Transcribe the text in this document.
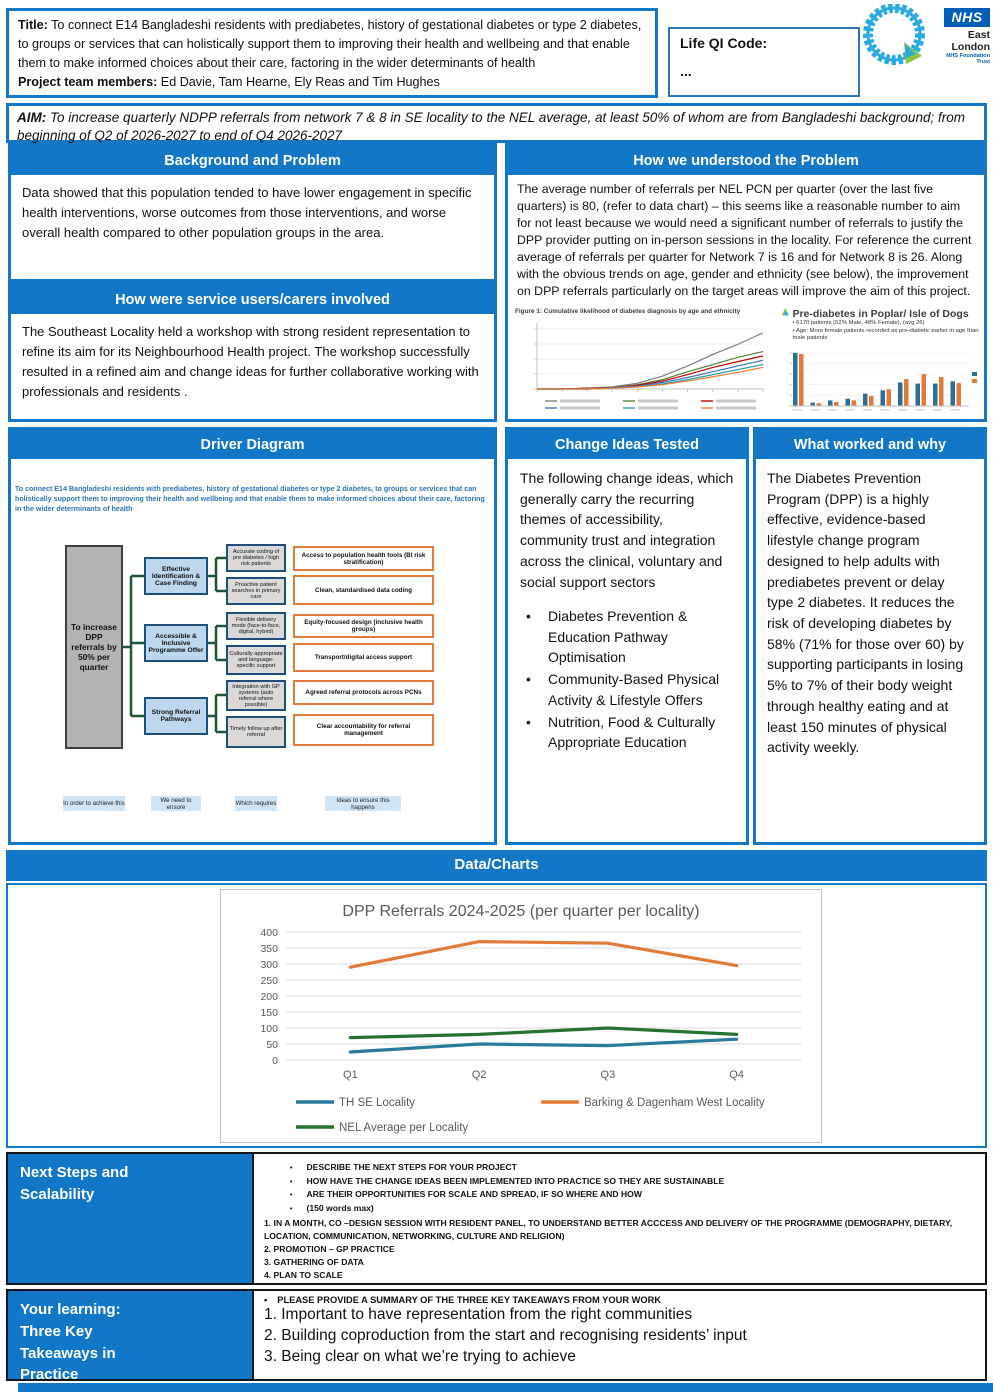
Title: To connect E14 Bangladeshi residents with prediabetes, history of gestational diabetes or type 2 diabetes, to groups or services that can holistically support them to improving their health and wellbeing and that enable them to make informed choices about their care, factoring in the wider determinants of health

Project team members: Ed Davie, Tam Hearne, Ely Reas and Tim Hughes

Life QI Code:
...
NHS
East London
NHS Foundation Trust
AIM: To increase quarterly NDPP referrals from network 7 & 8 in SE locality to the NEL average, at least 50% of whom are from Bangladeshi background; from beginning of Q2 of 2026-2027 to end of Q4 2026-2027
Background and Problem
Data showed that this population tended to have lower engagement in specific health interventions, worse outcomes from those interventions, and worse overall health compared to other population groups in the area.
How were service users/carers involved
The Southeast Locality held a workshop with strong resident representation to refine its aim for its Neighbourhood Health project. The workshop successfully resulted in a refined aim and change ideas for further collaborative working with professionals and residents .
How we understood the Problem
The average number of referrals per NEL PCN per quarter (over the last five quarters) is 80, (refer to data chart) – this seems like a reasonable number to aim for not least because we would need a significant number of referrals to justify the DPP provider putting on in-person sessions in the locality. For reference the current average of referrals per quarter for Network 7 is 16 and for Network 8 is 26. Along with the obvious trends on age, gender and ethnicity (see below), the improvement on DPP referrals particularly on the target areas will improve the aim of this project.
Figure 1: Cumulative likelihood of diabetes diagnosis by age and ethnicity	Pre-diabetes in Poplar/ Isle of Dogs
• 6170 patients (52% Male, 48% Female), (avg 26)
• Age: More female patients recorded as pre-diabetic earlier in age than male patients
Driver Diagram
To connect E14 Bangladeshi residents with prediabetes, history of gestational diabetes or type 2 diabetes, to groups or services that can holistically support them to improving their health and wellbeing and that enable them to make informed choices about their care, factoring in the wider determinants of health
To increase DPP referrals by 50% per quarter
Effective Identification & Case Finding
Accessible & Inclusive Programme Offer
Strong Referral Pathways
Accurate coding of pre diabetes / high risk patients
Proactive patient searches in primary care
Flexible delivery mode (face-to-face, digital, hybrid)
Culturally appropriate and language-specific support
Integration with GP systems (auto referral where possible)
Timely follow up after referral
Access to population health tools (BI risk stratification)
Clean, standardised data coding
Equity-focused design (inclusive health groups)
Transport/digital access support
Agreed referral protocols across PCNs
Clear accountability for referral management
In order to achieve this	We need to ensure	Which requires	Ideas to ensure this happens
Change Ideas Tested
The following change ideas, which generally carry the recurring themes of accessibility, community trust and integration across the clinical, voluntary and social support sectors
•	Diabetes Prevention & Education Pathway Optimisation
•	Community-Based Physical Activity & Lifestyle Offers
•	Nutrition, Food & Culturally Appropriate Education
What worked and why
The Diabetes Prevention Program (DPP) is a highly effective, evidence-based lifestyle change program designed to help adults with prediabetes prevent or delay type 2 diabetes. It reduces the risk of developing diabetes by 58% (71% for those over 60) by supporting participants in losing 5% to 7% of their body weight through healthy eating and at least 150 minutes of physical activity weekly.
Data/Charts
DPP Referrals 2024-2025 (per quarter per locality)
400
350
300
250
200
150
100
50
0
Q1	Q2	Q3	Q4
TH SE Locality	Barking & Dagenham West Locality
NEL Average per Locality
Next Steps and Scalability
• DESCRIBE THE NEXT STEPS FOR YOUR PROJECT
• HOW HAVE THE CHANGE IDEAS BEEN IMPLEMENTED INTO PRACTICE SO THEY ARE SUSTAINABLE
• ARE THEIR OPPORTUNITIES FOR SCALE AND SPREAD, IF SO WHERE AND HOW
• (150 words max)
1. IN A MONTH, CO –DESIGN SESSION WITH RESIDENT PANEL, TO UNDERSTAND BETTER ACCCESS AND DELIVERY OF THE PROGRAMME (DEMOGRAPHY, DIETARY, LOCATION, COMMUNICATION, NETWORKING, CULTURE AND RELIGION)
2. PROMOTION – GP PRACTICE
3. GATHERING OF DATA
4. PLAN TO SCALE
Your learning: Three Key Takeaways in Practice
• PLEASE PROVIDE A SUMMARY OF THE THREE KEY TAKEAWAYS FROM YOUR WORK
1. Important to have representation from the right communities
2. Building coproduction from the start and recognising residents’ input
3. Being clear on what we’re trying to achieve
